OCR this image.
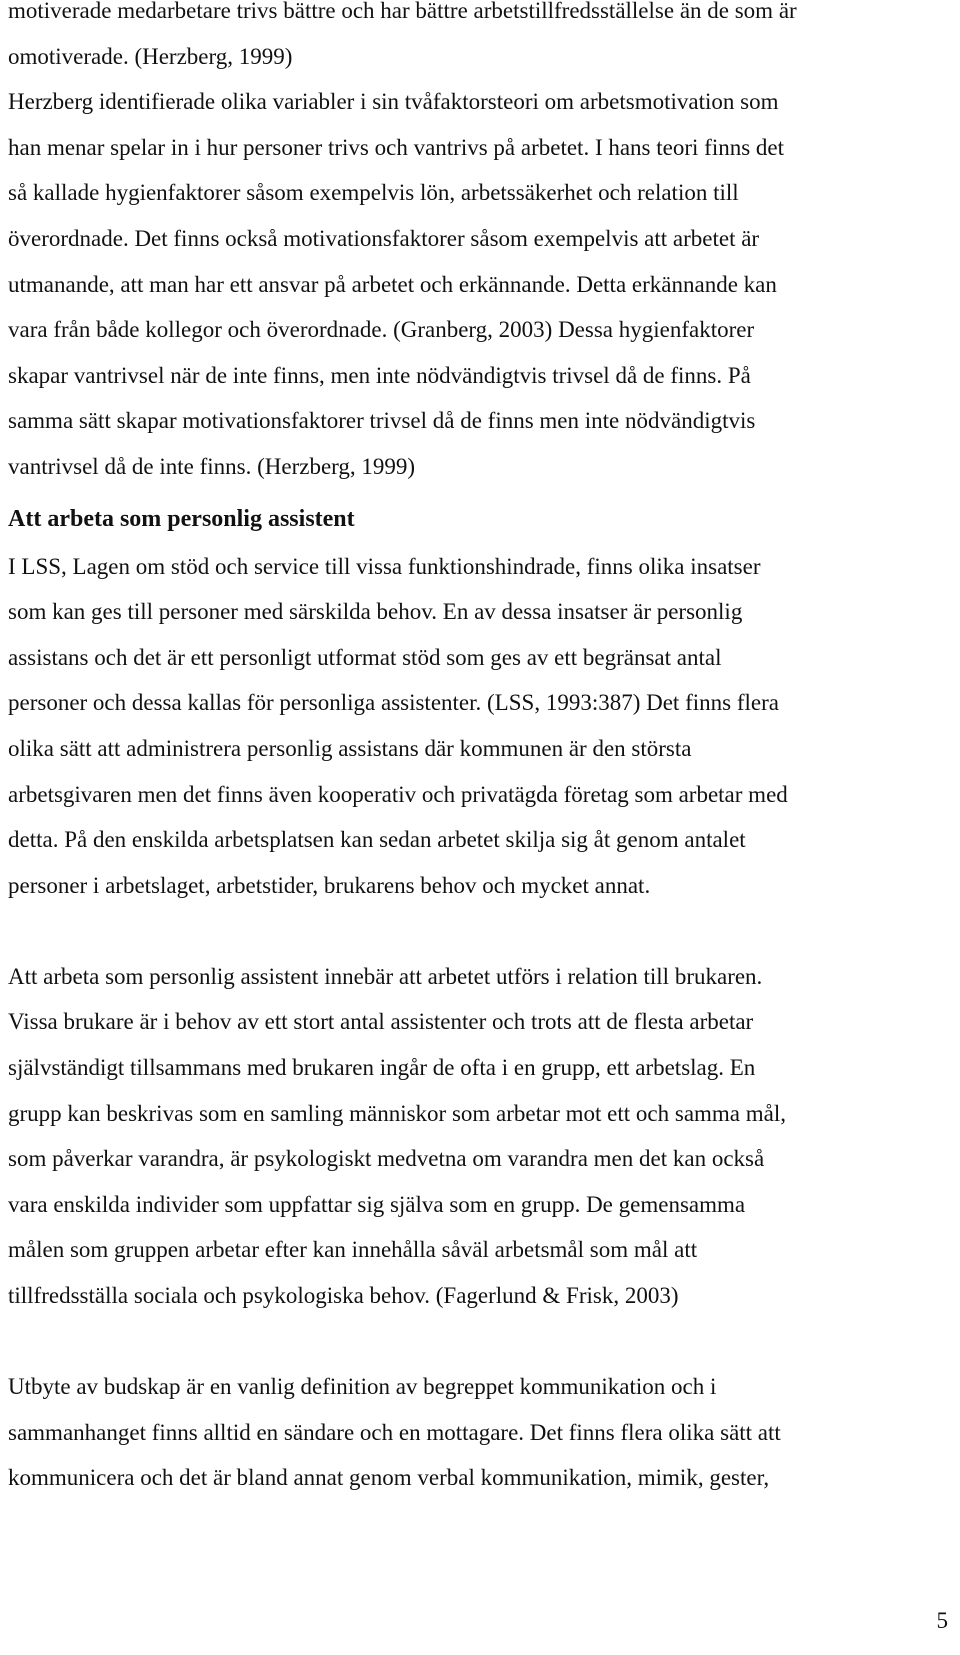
motiverade medarbetare trivs bättre och har bättre arbetstillfredsställelse än de som är

omotiverade. (Herzberg, 1999)

Herzberg identifierade olika variabler i sin tvåfaktorsteori om arbetsmotivation som

han menar spelar in i hur personer trivs och vantrivs på arbetet. I hans teori finns det

så kallade hygienfaktorer såsom exempelvis lön, arbetssäkerhet och relation till

överordnade. Det finns också motivationsfaktorer såsom exempelvis att arbetet är

utmanande, att man har ett ansvar på arbetet och erkännande. Detta erkännande kan

vara från både kollegor och överordnade. (Granberg, 2003) Dessa hygienfaktorer

skapar vantrivsel när de inte finns, men inte nödvändigtvis trivsel då de finns. På

samma sätt skapar motivationsfaktorer trivsel då de finns men inte nödvändigtvis

vantrivsel då de inte finns. (Herzberg, 1999)

Att arbeta som personlig assistent

I LSS, Lagen om stöd och service till vissa funktionshindrade, finns olika insatser

som kan ges till personer med särskilda behov. En av dessa insatser är personlig

assistans och det är ett personligt utformat stöd som ges av ett begränsat antal

personer och dessa kallas för personliga assistenter. (LSS, 1993:387) Det finns flera

olika sätt att administrera personlig assistans där kommunen är den största

arbetsgivaren men det finns även kooperativ och privatägda företag som arbetar med

detta. På den enskilda arbetsplatsen kan sedan arbetet skilja sig åt genom antalet

personer i arbetslaget, arbetstider, brukarens behov och mycket annat.

Att arbeta som personlig assistent innebär att arbetet utförs i relation till brukaren.

Vissa brukare är i behov av ett stort antal assistenter och trots att de flesta arbetar

självständigt tillsammans med brukaren ingår de ofta i en grupp, ett arbetslag. En

grupp kan beskrivas som en samling människor som arbetar mot ett och samma mål,

som påverkar varandra, är psykologiskt medvetna om varandra men det kan också

vara enskilda individer som uppfattar sig själva som en grupp. De gemensamma

målen som gruppen arbetar efter kan innehålla såväl arbetsmål som mål att

tillfredsställa sociala och psykologiska behov. (Fagerlund & Frisk, 2003)

Utbyte av budskap är en vanlig definition av begreppet kommunikation och i

sammanhanget finns alltid en sändare och en mottagare. Det finns flera olika sätt att

kommunicera och det är bland annat genom verbal kommunikation, mimik, gester,

5
